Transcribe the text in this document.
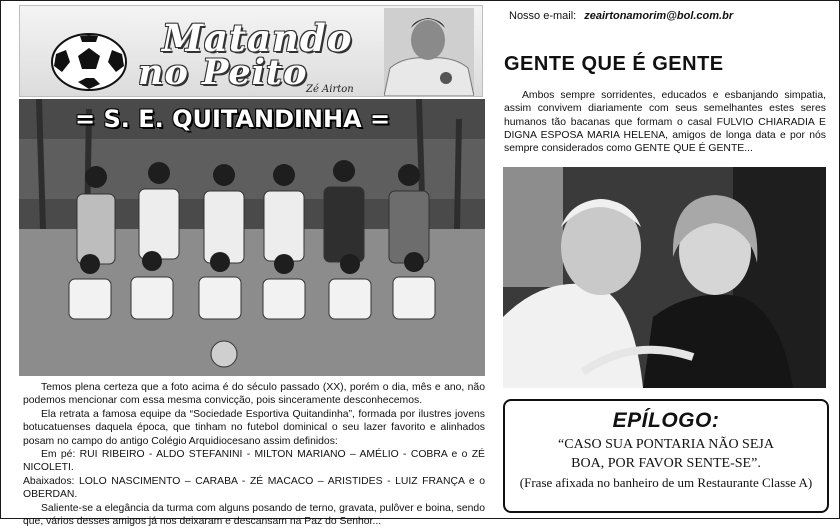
Matando
no Peito
Zé Airton
= S. E. QUITANDINHA =

Temos plena certeza que a foto acima é do século passado (XX), porém o dia, mês e ano, não podemos mencionar com essa mesma convicção, pois sinceramente desconhecemos.

Ela retrata a famosa equipe da “Sociedade Esportiva Quitandinha”, formada por ilustres jovens botucatuenses daquela época, que tinham no futebol dominical o seu lazer favorito e alinhados posam no campo do antigo Colégio Arquidiocesano assim definidos:

Em pé: RUI RIBEIRO - ALDO STEFANINI - MILTON MARIANO – AMÉLIO - COBRA e o ZÉ NICOLETI.

Abaixados: LOLO NASCIMENTO – CARABA - ZÉ MACACO – ARISTIDES - LUIZ FRANÇA e o OBERDAN.

Saliente-se a elegância da turma com alguns posando de terno, gravata, pulôver e boina, sendo que, vários desses amigos já nos deixaram e descansam na Paz do Senhor...

Nosso e-mail: zeairtonamorim@bol.com.br
GENTE QUE É GENTE

Ambos sempre sorridentes, educados e esbanjando simpatia, assim convivem diariamente com seus semelhantes estes seres humanos tão bacanas que formam o casal FULVIO CHIARADIA E DIGNA ESPOSA MARIA HELENA, amigos de longa data e por nós sempre considerados como GENTE QUE É GENTE...

EPÍLOGO:
“CASO SUA PONTARIA NÃO SEJA
BOA, POR FAVOR SENTE-SE”.
(Frase afixada no banheiro de um Restaurante Classe A)
